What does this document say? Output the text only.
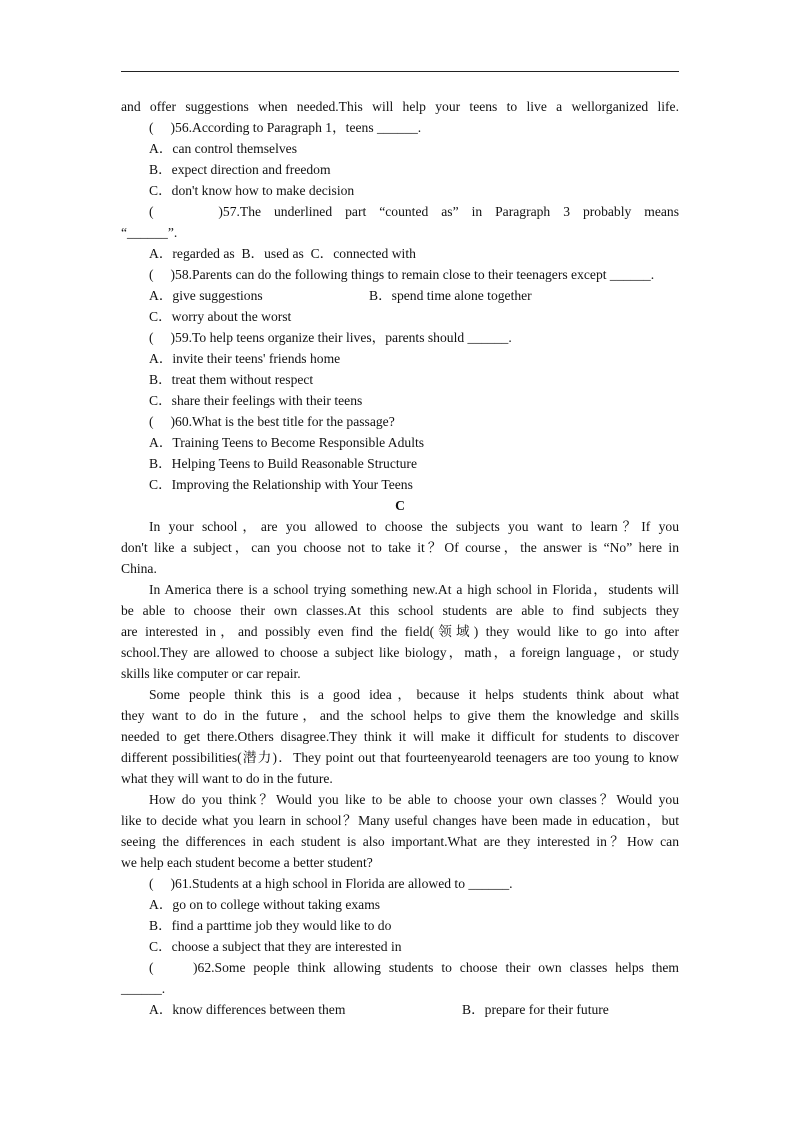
and offer suggestions when needed.This will help your teens to live a wellorganized life.
(     )56.According to Paragraph 1，teens ______.
A．can control themselves
B．expect direction and freedom
C．don't know how to make decision
(     )57.The underlined part “counted as” in Paragraph 3 probably means
“______”.
A．regarded as  B．used as  C．connected with
(     )58.Parents can do the following things to remain close to their teenagers except ______.
A．give suggestions	B．spend time alone together
C．worry about the worst
(     )59.To help teens organize their lives，parents should ______.
A．invite their teens' friends home
B．treat them without respect
C．share their feelings with their teens
(     )60.What is the best title for the passage?
A．Training Teens to Become Responsible Adults
B．Helping Teens to Build Reasonable Structure
C．Improving the Relationship with Your Teens
C
In your school，are you allowed to choose the subjects you want to learn？If you
don't like a subject，can you choose not to take it？Of course，the answer is “No” here in
China.
In America there is a school trying something new.At a high school in Florida，students will
be able to choose their own classes.At this school students are able to find subjects they
are interested in，and possibly even find the field(领域) they would like to go into after
school.They are allowed to choose a subject like biology，math，a foreign language，or study
skills like computer or car repair.
Some people think this is a good idea，because it helps students think about what
they want to do in the future，and the school helps to give them the knowledge and skills
needed to get there.Others disagree.They think it will make it difficult for students to discover
different possibilities(潜力)．They point out that fourteenyearold teenagers are too young to know
what they will want to do in the future.
How do you think？Would you like to be able to choose your own classes？Would you
like to decide what you learn in school？Many useful changes have been made in education，but
seeing the differences in each student is also important.What are they interested in？How can
we help each student become a better student?
(     )61.Students at a high school in Florida are allowed to ______.
A．go on to college without taking exams
B．find a parttime job they would like to do
C．choose a subject that they are interested in
(     )62.Some people think allowing students to choose their own classes helps them
______.
A．know differences between them	B．prepare for their future
